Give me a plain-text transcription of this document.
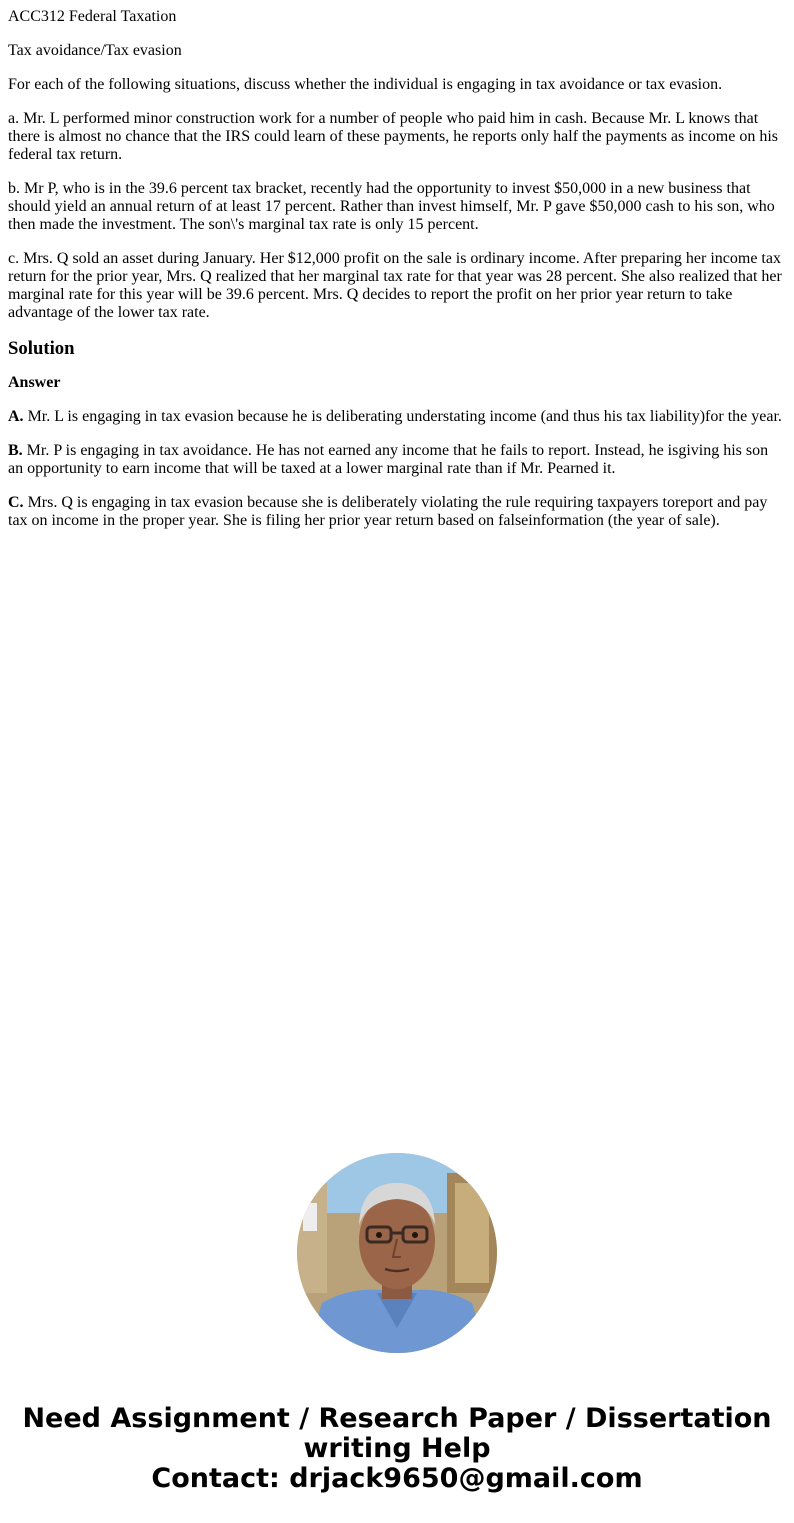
ACC312 Federal Taxation

Tax avoidance/Tax evasion

For each of the following situations, discuss whether the individual is engaging in tax avoidance or tax evasion.

a. Mr. L performed minor construction work for a number of people who paid him in cash. Because Mr. L knows that there is almost no chance that the IRS could learn of these payments, he reports only half the payments as income on his federal tax return.

b. Mr P, who is in the 39.6 percent tax bracket, recently had the opportunity to invest $50,000 in a new business that should yield an annual return of at least 17 percent. Rather than invest himself, Mr. P gave $50,000 cash to his son, who then made the investment. The son\'s marginal tax rate is only 15 percent.

c. Mrs. Q sold an asset during January. Her $12,000 profit on the sale is ordinary income. After preparing her income tax return for the prior year, Mrs. Q realized that her marginal tax rate for that year was 28 percent. She also realized that her marginal rate for this year will be 39.6 percent. Mrs. Q decides to report the profit on her prior year return to take advantage of the lower tax rate.

Solution
Answer

A. Mr. L is engaging in tax evasion because he is deliberating understating income (and thus his tax liability)for the year.

B. Mr. P is engaging in tax avoidance. He has not earned any income that he fails to report. Instead, he isgiving his son an opportunity to earn income that will be taxed at a lower marginal rate than if Mr. Pearned it.

C. Mrs. Q is engaging in tax evasion because she is deliberately violating the rule requiring taxpayers toreport and pay tax on income in the proper year. She is filing her prior year return based on falseinformation (the year of sale).

Need Assignment / Research Paper / Dissertation
writing Help
Contact: drjack9650@gmail.com
